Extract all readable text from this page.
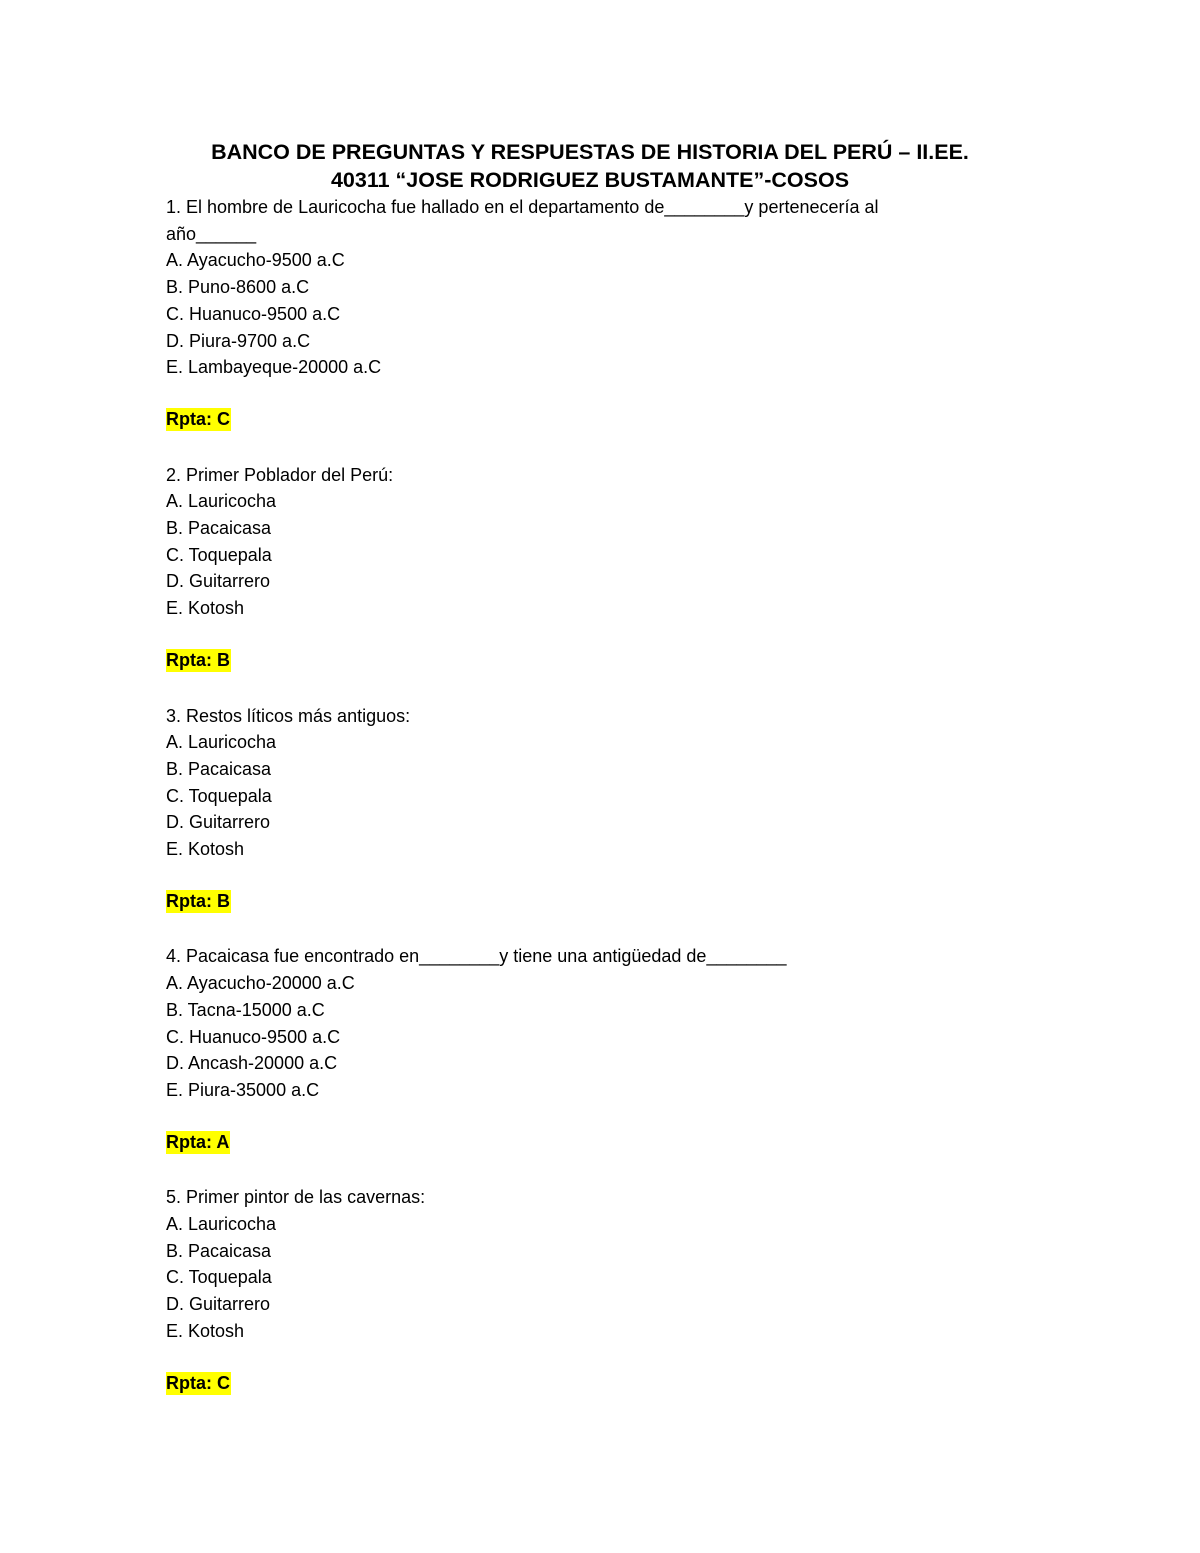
BANCO DE PREGUNTAS Y RESPUESTAS DE HISTORIA DEL PERÚ – II.EE.
40311 “JOSE RODRIGUEZ BUSTAMANTE”-COSOS

1. El hombre de Lauricocha fue hallado en el departamento de________y pertenecería al año______

A. Ayacucho-9500 a.C
B. Puno-8600 a.C
C. Huanuco-9500 a.C
D. Piura-9700 a.C
E. Lambayeque-20000 a.C
Rpta: C

2. Primer Poblador del Perú:

A. Lauricocha
B. Pacaicasa
C. Toquepala
D. Guitarrero
E. Kotosh
Rpta: B

3. Restos líticos más antiguos:

A. Lauricocha
B. Pacaicasa
C. Toquepala
D. Guitarrero
E. Kotosh
Rpta: B

4. Pacaicasa fue encontrado en________y tiene una antigüedad de________

A. Ayacucho-20000 a.C
B. Tacna-15000 a.C
C. Huanuco-9500 a.C
D. Ancash-20000 a.C
E. Piura-35000 a.C
Rpta: A

5. Primer pintor de las cavernas:

A. Lauricocha
B. Pacaicasa
C. Toquepala
D. Guitarrero
E. Kotosh
Rpta: C
